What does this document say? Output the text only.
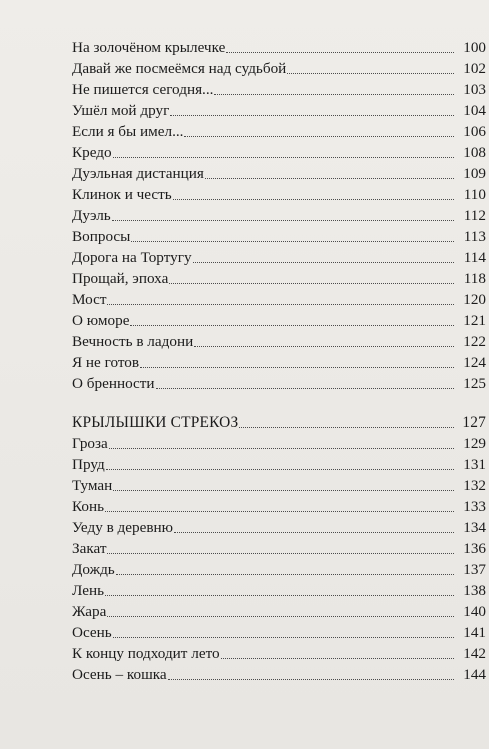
На золочёном крылечке	100
Давай же посмеёмся над судьбой	102
Не пишется сегодня...	103
Ушёл мой друг	104
Если я бы имел...	106
Кредо	108
Дуэльная дистанция	109
Клинок и честь	110
Дуэль	112
Вопросы	113
Дорога на Тортугу	114
Прощай, эпоха	118
Мост	120
О юморе	121
Вечность в ладони	122
Я не готов	124
О бренности	125
КРЫЛЫШКИ СТРЕКОЗ	127
Гроза	129
Пруд	131
Туман	132
Конь	133
Уеду в деревню	134
Закат	136
Дождь	137
Лень	138
Жара	140
Осень	141
К концу подходит лето	142
Осень – кошка	144
